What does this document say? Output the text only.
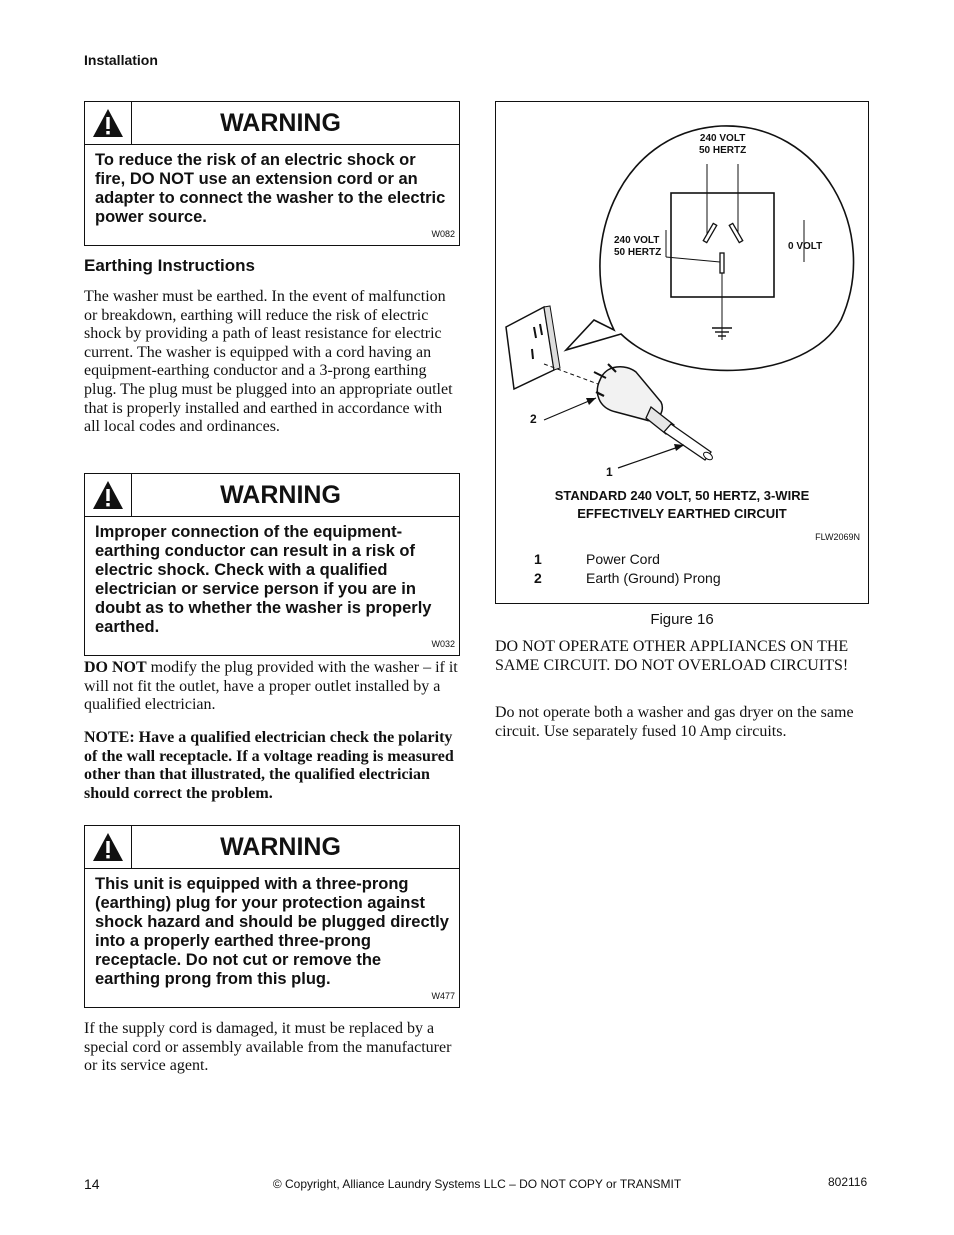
Installation
WARNING
To reduce the risk of an electric shock or fire, DO NOT use an extension cord or an adapter to connect the washer to the electric power source.
W082
Earthing Instructions
The washer must be earthed. In the event of malfunction or breakdown, earthing will reduce the risk of electric shock by providing a path of least resistance for electric current. The washer is equipped with a cord having an equipment-earthing conductor and a 3-prong earthing plug. The plug must be plugged into an appropriate outlet that is properly installed and earthed in accordance with all local codes and ordinances.
WARNING
Improper connection of the equipment-earthing conductor can result in a risk of electric shock. Check with a qualified electrician or service person if you are in doubt as to whether the washer is properly earthed.
W032
DO NOT modify the plug provided with the washer – if it will not fit the outlet, have a proper outlet installed by a qualified electrician.
NOTE: Have a qualified electrician check the polarity of the wall receptacle. If a voltage reading is measured other than that illustrated, the qualified electrician should correct the problem.
WARNING
This unit is equipped with a three-prong (earthing) plug for your protection against shock hazard and should be plugged directly into a properly earthed three-prong receptacle. Do not cut or remove the earthing prong from this plug.
W477
If the supply cord is damaged, it must be replaced by a special cord or assembly available from the manufacturer or its service agent.
240 VOLT
50 HERTZ
240 VOLT
50 HERTZ
0 VOLT
2
1
STANDARD 240 VOLT, 50 HERTZ, 3-WIRE
EFFECTIVELY EARTHED CIRCUIT
FLW2069N
1	Power Cord
2	Earth (Ground) Prong
Figure 16
DO NOT OPERATE OTHER APPLIANCES ON THE SAME CIRCUIT. DO NOT OVERLOAD CIRCUITS!
Do not operate both a washer and gas dryer on the same circuit. Use separately fused 10 Amp circuits.
14	© Copyright, Alliance Laundry Systems LLC – DO NOT COPY or TRANSMIT	802116
